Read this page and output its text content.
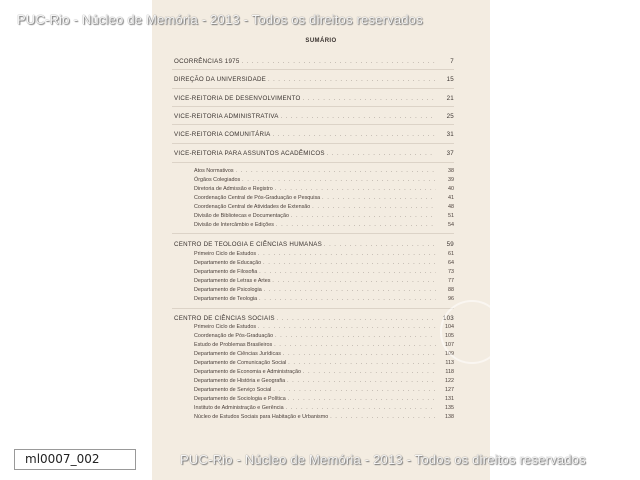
SUMÁRIO
OCORRÊNCIAS 1975 . . .	7
DIREÇÃO DA UNIVERSIDADE . . .	15
VICE-REITORIA DE DESENVOLVIMENTO . . .	21
VICE-REITORIA ADMINISTRATIVA . . .	25
VICE-REITORIA COMUNITÁRIA . . .	31
VICE-REITORIA PARA ASSUNTOS ACADÊMICOS . . .	37
Atos Normativos . . .	38
Órgãos Colegiados . . .	39
Diretoria de Admissão e Registro . . .	40
Coordenação Central de Pós-Graduação e Pesquisa . . .	41
Coordenação Central de Atividades de Extensão . . .	48
Divisão de Bibliotecas e Documentação . . .	51
Divisão de Intercâmbio e Edições . . .	54
CENTRO DE TEOLOGIA E CIÊNCIAS HUMANAS . . .	59
Primeiro Ciclo de Estudos . . .	61
Departamento de Educação . . .	64
Departamento de Filosofia . . .	73
Departamento de Letras e Artes . . .	77
Departamento de Psicologia . . .	88
Departamento de Teologia . . .	96
CENTRO DE CIÊNCIAS SOCIAIS . . .	103
Primeiro Ciclo de Estudos . . .	104
Coordenação de Pós-Graduação . . .	105
Estudo de Problemas Brasileiros . . .	107
Departamento de Ciências Jurídicas . . .	109
Departamento de Comunicação Social . . .	113
Departamento de Economia e Administração . . .	118
Departamento de História e Geografia . . .	122
Departamento de Serviço Social . . .	127
Departamento de Sociologia e Política . . .	131
Instituto de Administração e Gerência . . .	135
Núcleo de Estudos Sociais para Habitação e Urbanismo . . .	138
PUC-Rio - Núcleo de Memória - 2013 - Todos os direitos reservados
PUC-Rio - Núcleo de Memória - 2013 - Todos os direitos reservados
ml0007_002
